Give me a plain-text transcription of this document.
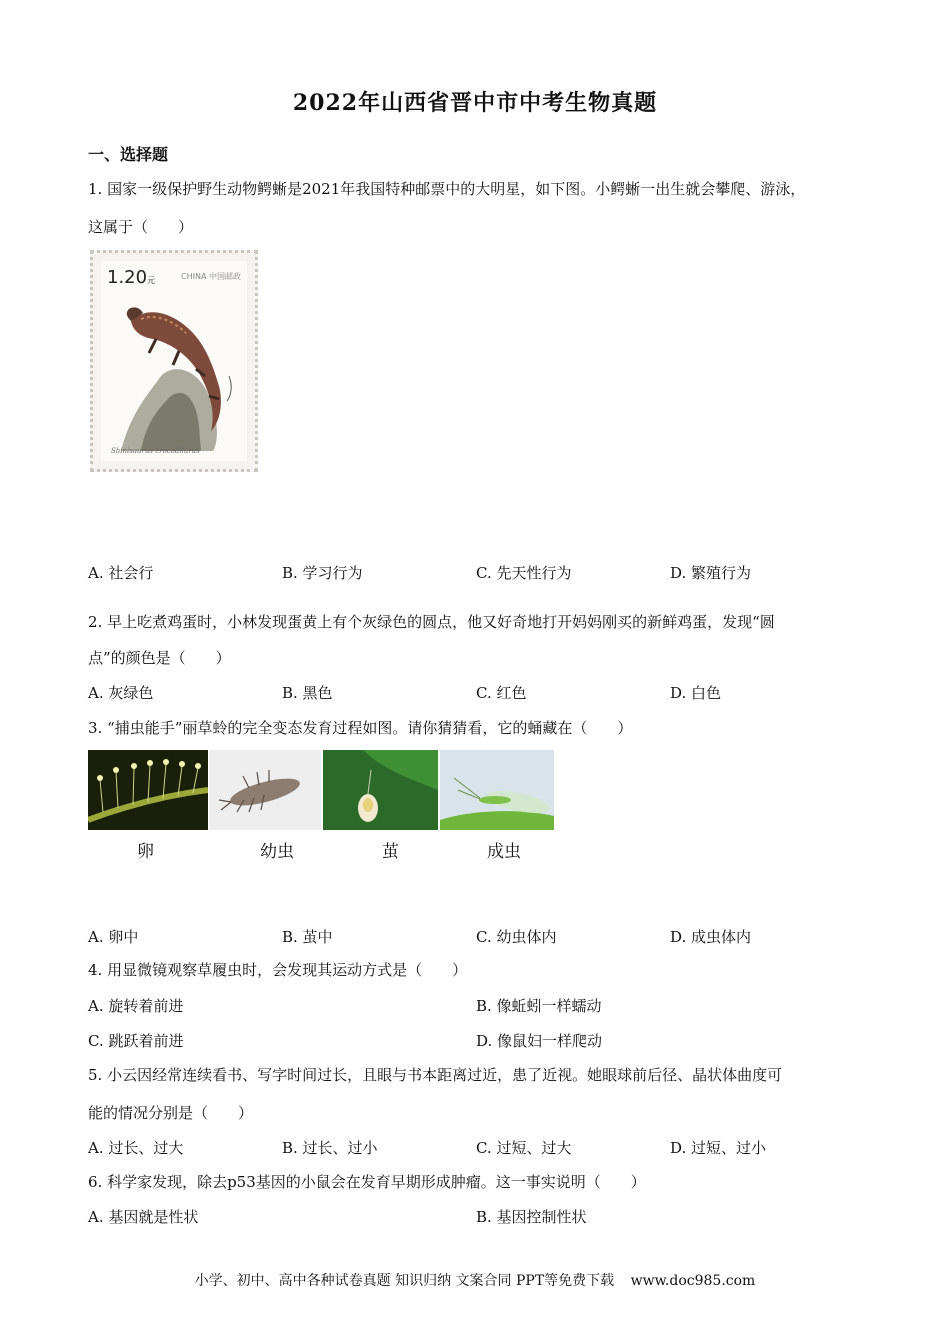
2022年山西省晋中市中考生物真题
一、选择题
1. 国家一级保护野生动物鳄蜥是2021年我国特种邮票中的大明星，如下图。小鳄蜥一出生就会攀爬、游泳，
这属于（　　）
1.20元	CHINA 中国邮政
Shinisaurus crocodilurus
A. 社会行	B. 学习行为	C. 先天性行为	D. 繁殖行为
2. 早上吃煮鸡蛋时，小林发现蛋黄上有个灰绿色的圆点，他又好奇地打开妈妈刚买的新鲜鸡蛋，发现“圆
点”的颜色是（　　）
A. 灰绿色	B. 黑色	C. 红色	D. 白色
3. “捕虫能手”丽草蛉的完全变态发育过程如图。请你猜猜看，它的蛹藏在（　　）
卵	幼虫	茧	成虫
A. 卵中	B. 茧中	C. 幼虫体内	D. 成虫体内
4. 用显微镜观察草履虫时，会发现其运动方式是（　　）
A. 旋转着前进	B. 像蚯蚓一样蠕动
C. 跳跃着前进	D. 像鼠妇一样爬动
5. 小云因经常连续看书、写字时间过长，且眼与书本距离过近，患了近视。她眼球前后径、晶状体曲度可
能的情况分别是（　　）
A. 过长、过大	B. 过长、过小	C. 过短、过大	D. 过短、过小
6. 科学家发现，除去p53基因的小鼠会在发育早期形成肿瘤。这一事实说明（　　）
A. 基因就是性状	B. 基因控制性状
小学、初中、高中各种试卷真题 知识归纳 文案合同 PPT等免费下载 www.doc985.com
